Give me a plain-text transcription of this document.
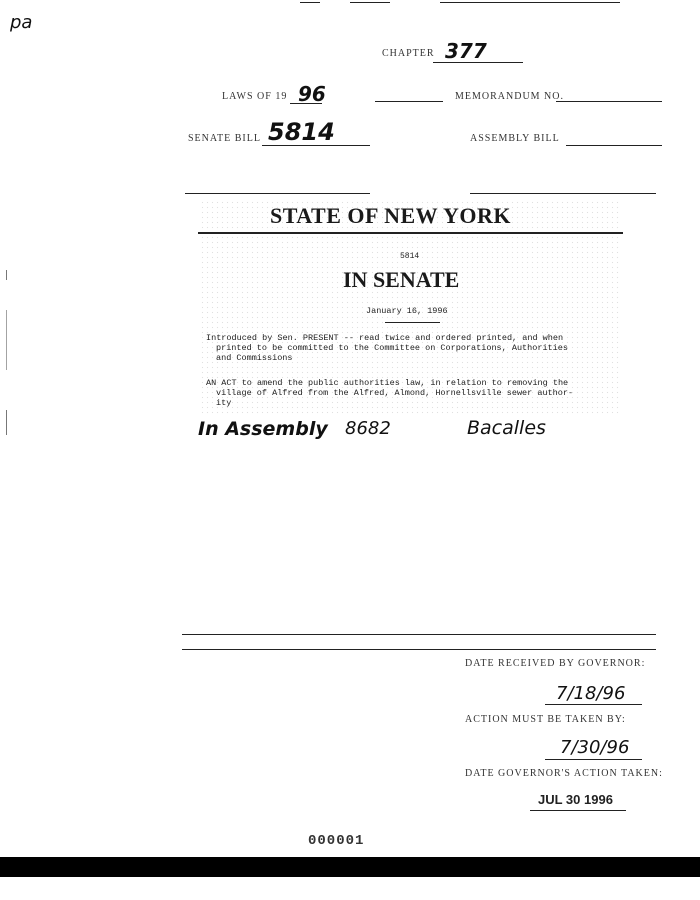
pa
CHAPTER 377
LAWS OF 19 96	MEMORANDUM NO.
SENATE BILL 5814	ASSEMBLY BILL
STATE OF NEW YORK
5814
IN SENATE
January 16, 1996
Introduced by Sen. PRESENT -- read twice and ordered printed, and when
printed to be committed to the Committee on Corporations, Authorities
and Commissions
AN ACT to amend the public authorities law, in relation to removing the
village of Alfred from the Alfred, Almond, Hornellsville sewer author-
ity
In Assembly 8682	Bacalles
DATE RECEIVED BY GOVERNOR:
7/18/96
ACTION MUST BE TAKEN BY:
7/30/96
DATE GOVERNOR'S ACTION TAKEN:
JUL 30 1996
000001
